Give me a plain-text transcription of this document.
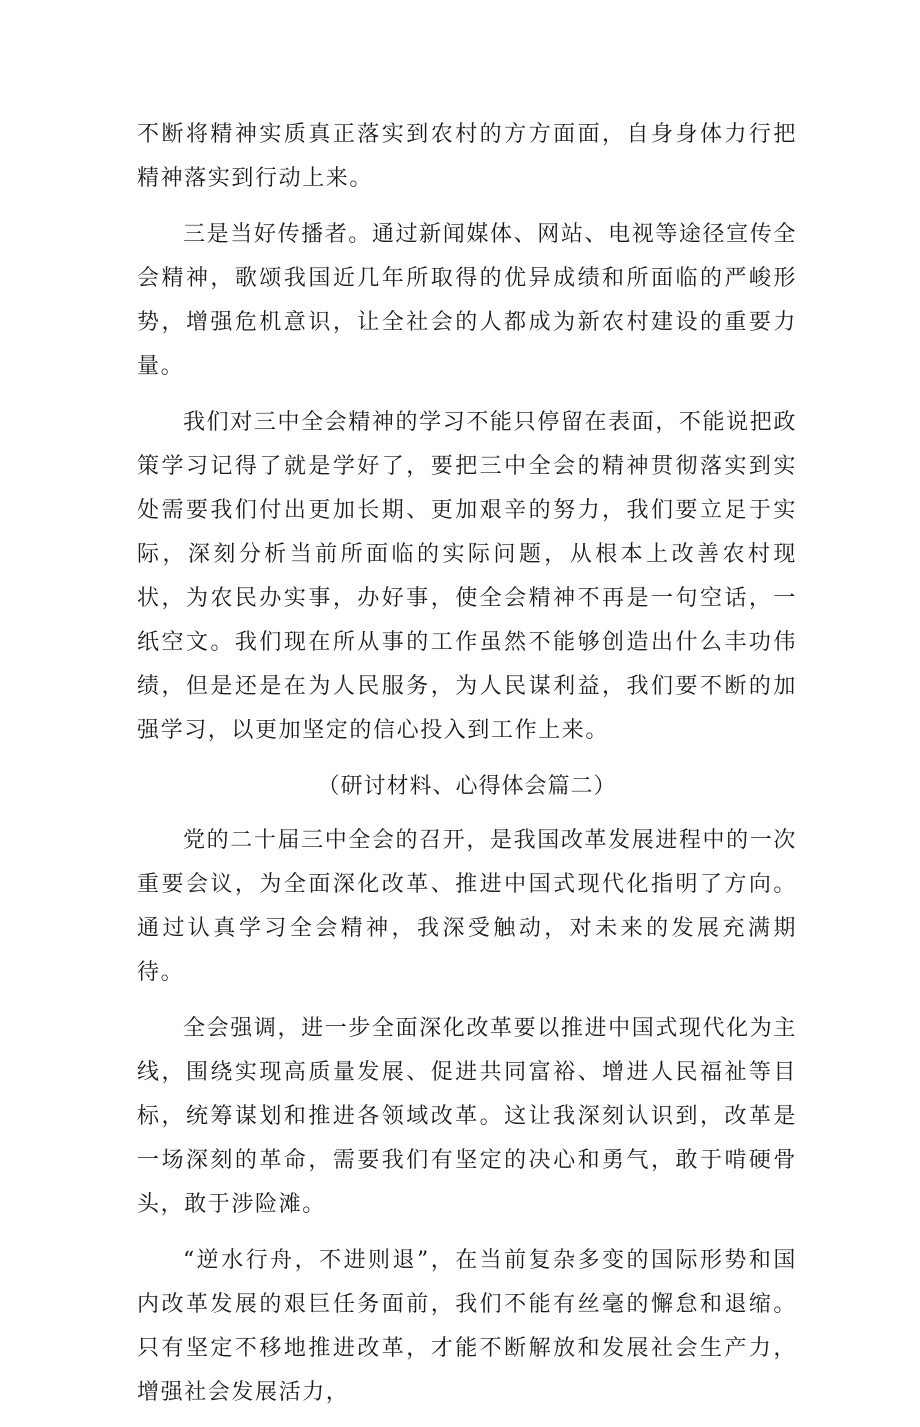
不断将精神实质真正落实到农村的方方面面，自身身体力行把精神落实到行动上来。

三是当好传播者。通过新闻媒体、网站、电视等途径宣传全会精神，歌颂我国近几年所取得的优异成绩和所面临的严峻形势，增强危机意识，让全社会的人都成为新农村建设的重要力量。

我们对三中全会精神的学习不能只停留在表面，不能说把政策学习记得了就是学好了，要把三中全会的精神贯彻落实到实处需要我们付出更加长期、更加艰辛的努力，我们要立足于实际，深刻分析当前所面临的实际问题，从根本上改善农村现状，为农民办实事，办好事，使全会精神不再是一句空话，一纸空文。我们现在所从事的工作虽然不能够创造出什么丰功伟绩，但是还是在为人民服务，为人民谋利益，我们要不断的加强学习，以更加坚定的信心投入到工作上来。

（研讨材料、心得体会篇二）

党的二十届三中全会的召开，是我国改革发展进程中的一次重要会议，为全面深化改革、推进中国式现代化指明了方向。通过认真学习全会精神，我深受触动，对未来的发展充满期待。

全会强调，进一步全面深化改革要以推进中国式现代化为主线，围绕实现高质量发展、促进共同富裕、增进人民福祉等目标，统筹谋划和推进各领域改革。这让我深刻认识到，改革是一场深刻的革命，需要我们有坚定的决心和勇气，敢于啃硬骨头，敢于涉险滩。

“逆水行舟，不进则退”，在当前复杂多变的国际形势和国内改革发展的艰巨任务面前，我们不能有丝毫的懈怠和退缩。只有坚定不移地推进改革，才能不断解放和发展社会生产力，增强社会发展活力，
